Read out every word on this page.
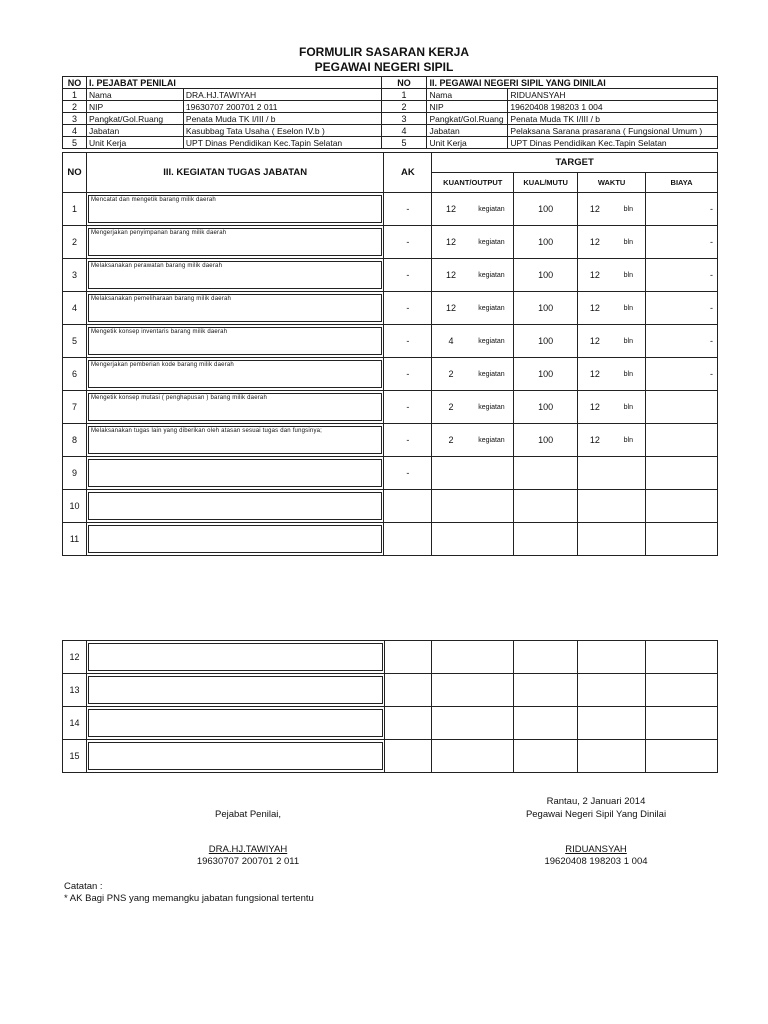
FORMULIR SASARAN KERJA
PEGAWAI NEGERI SIPIL
NO	I. PEJABAT PENILAI		NO	II. PEGAWAI NEGERI SIPIL YANG DINILAI	
1	Nama	DRA.HJ.TAWIYAH	1	Nama	RIDUANSYAH
2	NIP	19630707 200701 2 011	2	NIP	19620408 198203 1 004
3	Pangkat/Gol.Ruang	Penata Muda TK I/III / b	3	Pangkat/Gol.Ruang	Penata Muda TK I/III / b
4	Jabatan	Kasubbag Tata Usaha ( Eselon IV.b )	4	Jabatan	Pelaksana Sarana prasarana ( Fungsional Umum )
5	Unit Kerja	UPT Dinas Pendidikan Kec.Tapin Selatan	5	Unit Kerja	UPT Dinas Pendidikan Kec.Tapin Selatan
NO	III. KEGIATAN TUGAS JABATAN	AK	TARGET					
			KUANT/OUTPUT		KUAL/MUTU	WAKTU		BIAYA
1	Mencatat dan mengetik barang milik daerah	-	12	kegiatan	100	12	bln	-
2	Mengerjakan penyimpanan barang milik daerah	-	12	kegiatan	100	12	bln	-
3	Melaksanakan perawatan barang milik daerah	-	12	kegiatan	100	12	bln	-
4	Melaksanakan pemeliharaan barang milik daerah	-	12	kegiatan	100	12	bln	-
5	Mengetik konsep inventaris barang milik daerah	-	4	kegiatan	100	12	bln	-
6	Mengerjakan pemberian kode barang milik daerah	-	2	kegiatan	100	12	bln	-
7	Mengetik konsep mutasi ( penghapusan ) barang milik daerah	-	2	kegiatan	100	12	bln	
8	Melaksanakan tugas lain yang diberikan oleh atasan sesuai tugas dan fungsinya;	-	2	kegiatan	100	12	bln	
9		-						
10	

11	

12	

13	

14	

15	

Rantau, 2 Januari 2014
Pejabat Penilai,	Pegawai Negeri Sipil Yang Dinilai
DRA.HJ.TAWIYAH
19630707 200701 2 011
RIDUANSYAH
19620408 198203 1 004
Catatan :
* AK Bagi PNS yang memangku jabatan fungsional tertentu
